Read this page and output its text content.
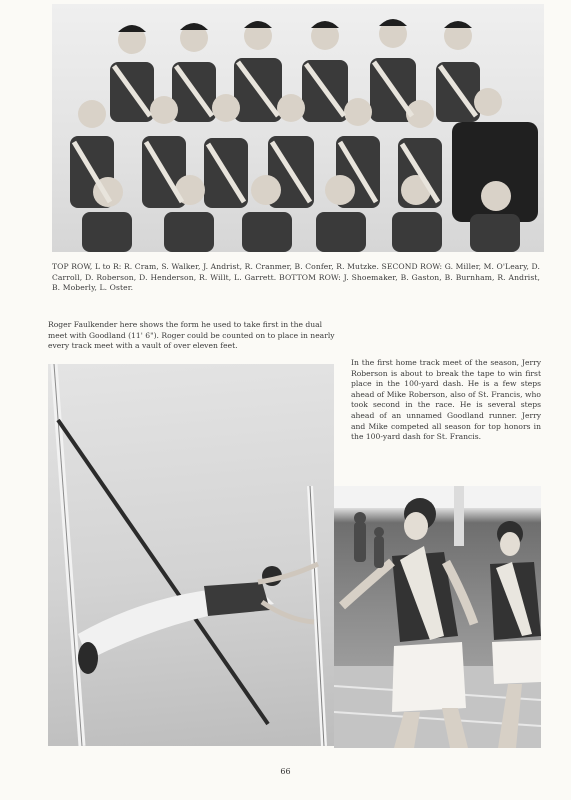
TOP ROW, L to R: R. Cram, S. Walker, J. Andrist, R. Cranmer, B. Confer, R. Mutzke. SECOND ROW: G. Miller, M. O'Leary, D. Carroll, D. Roberson, D. Henderson, R. Willt, L. Garrett. BOTTOM ROW: J. Shoemaker, B. Gaston, B. Burnham, R. Andrist, B. Moberly, L. Oster.

Roger Faulkender here shows the form he used to take first in the dual meet with Goodland (11' 6"). Roger could be counted on to place in nearly every track meet with a vault of over eleven feet.

In the first home track meet of the season, Jerry Roberson is about to break the tape to win first place in the 100-yard dash. He is a few steps ahead of Mike Roberson, also of St. Francis, who took second in the race. He is several steps ahead of an unnamed Goodland runner. Jerry and Mike competed all season for top honors in the 100-yard dash for St. Francis.

66
